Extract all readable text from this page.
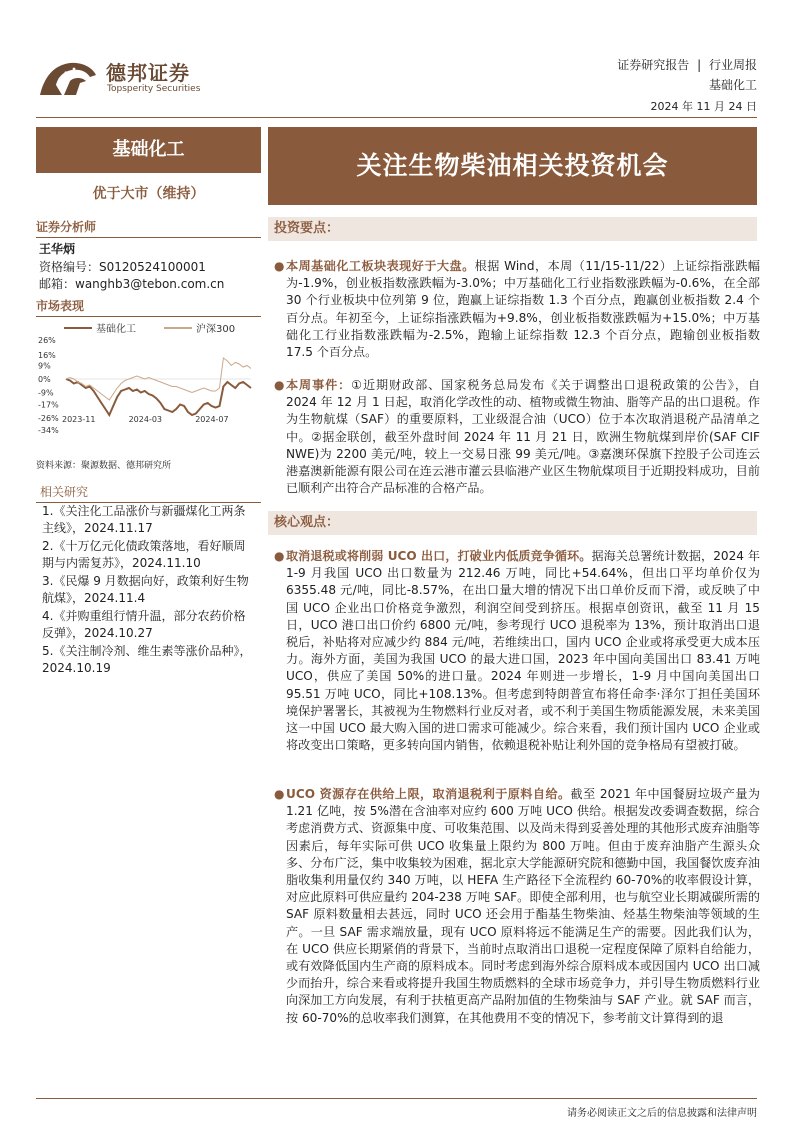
德邦证券
Topsperity Securities
证券研究报告 | 行业周报
基础化工
2024 年 11 月 24 日
基础化工
优于大市（维持）
证券分析师
王华炳
资格编号：S0120524100001
邮箱：wanghb3@tebon.com.cn
市场表现
基础化工	沪深300
26%
16%
9%
0%
-9%
-17%
-26%
-34%
2023-11	2024-03	2024-07
资料来源：聚源数据、德邦研究所
相关研究
1.《关注化工品涨价与新疆煤化工两条主线》，2024.11.17
2.《十万亿元化债政策落地，看好顺周期与内需复苏》，2024.11.10
3.《民爆 9 月数据向好，政策利好生物航煤》，2024.11.4
4.《并购重组行情升温，部分农药价格反弹》，2024.10.27
5.《关注制冷剂、维生素等涨价品种》，2024.10.19
关注生物柴油相关投资机会
投资要点：
● 本周基础化工板块表现好于大盘。根据 Wind，本周（11/15-11/22）上证综指涨跌幅为-1.9%，创业板指数涨跌幅为-3.0%；中万基础化工行业指数涨跌幅为-0.6%，在全部 30 个行业板块中位列第 9 位，跑赢上证综指数 1.3 个百分点，跑赢创业板指数 2.4 个百分点。年初至今，上证综指涨跌幅为+9.8%，创业板指数涨跌幅为+15.0%；中万基础化工行业指数涨跌幅为-2.5%，跑输上证综指数 12.3 个百分点，跑输创业板指数 17.5 个百分点。
● 本周事件：①近期财政部、国家税务总局发布《关于调整出口退税政策的公告》，自 2024 年 12 月 1 日起，取消化学改性的动、植物或微生物油、脂等产品的出口退税。作为生物航煤（SAF）的重要原料，工业级混合油（UCO）位于本次取消退税产品清单之中。②据金联创，截至外盘时间 2024 年 11 月 21 日，欧洲生物航煤到岸价(SAF CIF NWE)为 2200 美元/吨，较上一交易日涨 99 美元/吨。③嘉澳环保旗下控股子公司连云港嘉澳新能源有限公司在连云港市灌云县临港产业区生物航煤项目于近期投料成功，目前已顺利产出符合产品标准的合格产品。
核心观点：
● 取消退税或将削弱 UCO 出口，打破业内低质竞争循环。据海关总署统计数据，2024 年 1-9 月我国 UCO 出口数量为 212.46 万吨，同比+54.64%，但出口平均单价仅为 6355.48 元/吨，同比-8.57%，在出口量大增的情况下出口单价反而下滑，或反映了中国 UCO 企业出口价格竞争激烈，利润空间受到挤压。根据卓创资讯，截至 11 月 15 日，UCO 港口出口价约 6800 元/吨，参考现行 UCO 退税率为 13%，预计取消出口退税后，补贴将对应减少约 884 元/吨，若维续出口，国内 UCO 企业或将承受更大成本压力。海外方面，美国为我国 UCO 的最大进口国，2023 年中国向美国出口 83.41 万吨 UCO，供应了美国 50%的进口量。2024 年则进一步增长，1-9 月中国向美国出口 95.51 万吨 UCO，同比+108.13%。但考虑到特朗普宣布将任命李·泽尔丁担任美国环境保护署署长，其被视为生物燃料行业反对者，或不利于美国生物质能源发展，未来美国这一中国 UCO 最大购入国的进口需求可能减少。综合来看，我们预计国内 UCO 企业或将改变出口策略，更多转向国内销售，依赖退税补贴让利外国的竞争格局有望被打破。
● UCO 资源存在供给上限，取消退税利于原料自给。截至 2021 年中国餐厨垃圾产量为 1.21 亿吨，按 5%潜在含油率对应约 600 万吨 UCO 供给。根据发改委调查数据，综合考虑消费方式、资源集中度、可收集范围、以及尚未得到妥善处理的其他形式废弃油脂等因素后，每年实际可供 UCO 收集量上限约为 800 万吨。但由于废弃油脂产生源头众多、分布广泛，集中收集较为困难，据北京大学能源研究院和德勤中国，我国餐饮废弃油脂收集利用量仅约 340 万吨，以 HEFA 生产路径下全流程约 60-70%的收率假设计算，对应此原料可供应量约 204-238 万吨 SAF。即使全部利用，也与航空业长期减碳所需的 SAF 原料数量相去甚远，同时 UCO 还会用于酯基生物柴油、烃基生物柴油等领域的生产。一旦 SAF 需求端放量，现有 UCO 原料将远不能满足生产的需要。因此我们认为，在 UCO 供应长期紧俏的背景下，当前时点取消出口退税一定程度保障了原料自给能力，或有效降低国内生产商的原料成本。同时考虑到海外综合原料成本或因国内 UCO 出口减少而抬升，综合来看或将提升我国生物质燃料的全球市场竞争力，并引导生物质燃料行业向深加工方向发展，有利于扶植更高产品附加值的生物柴油与 SAF 产业。就 SAF 而言，按 60-70%的总收率我们测算，在其他费用不变的情况下，参考前文计算得到的退
请务必阅读正文之后的信息披露和法律声明
